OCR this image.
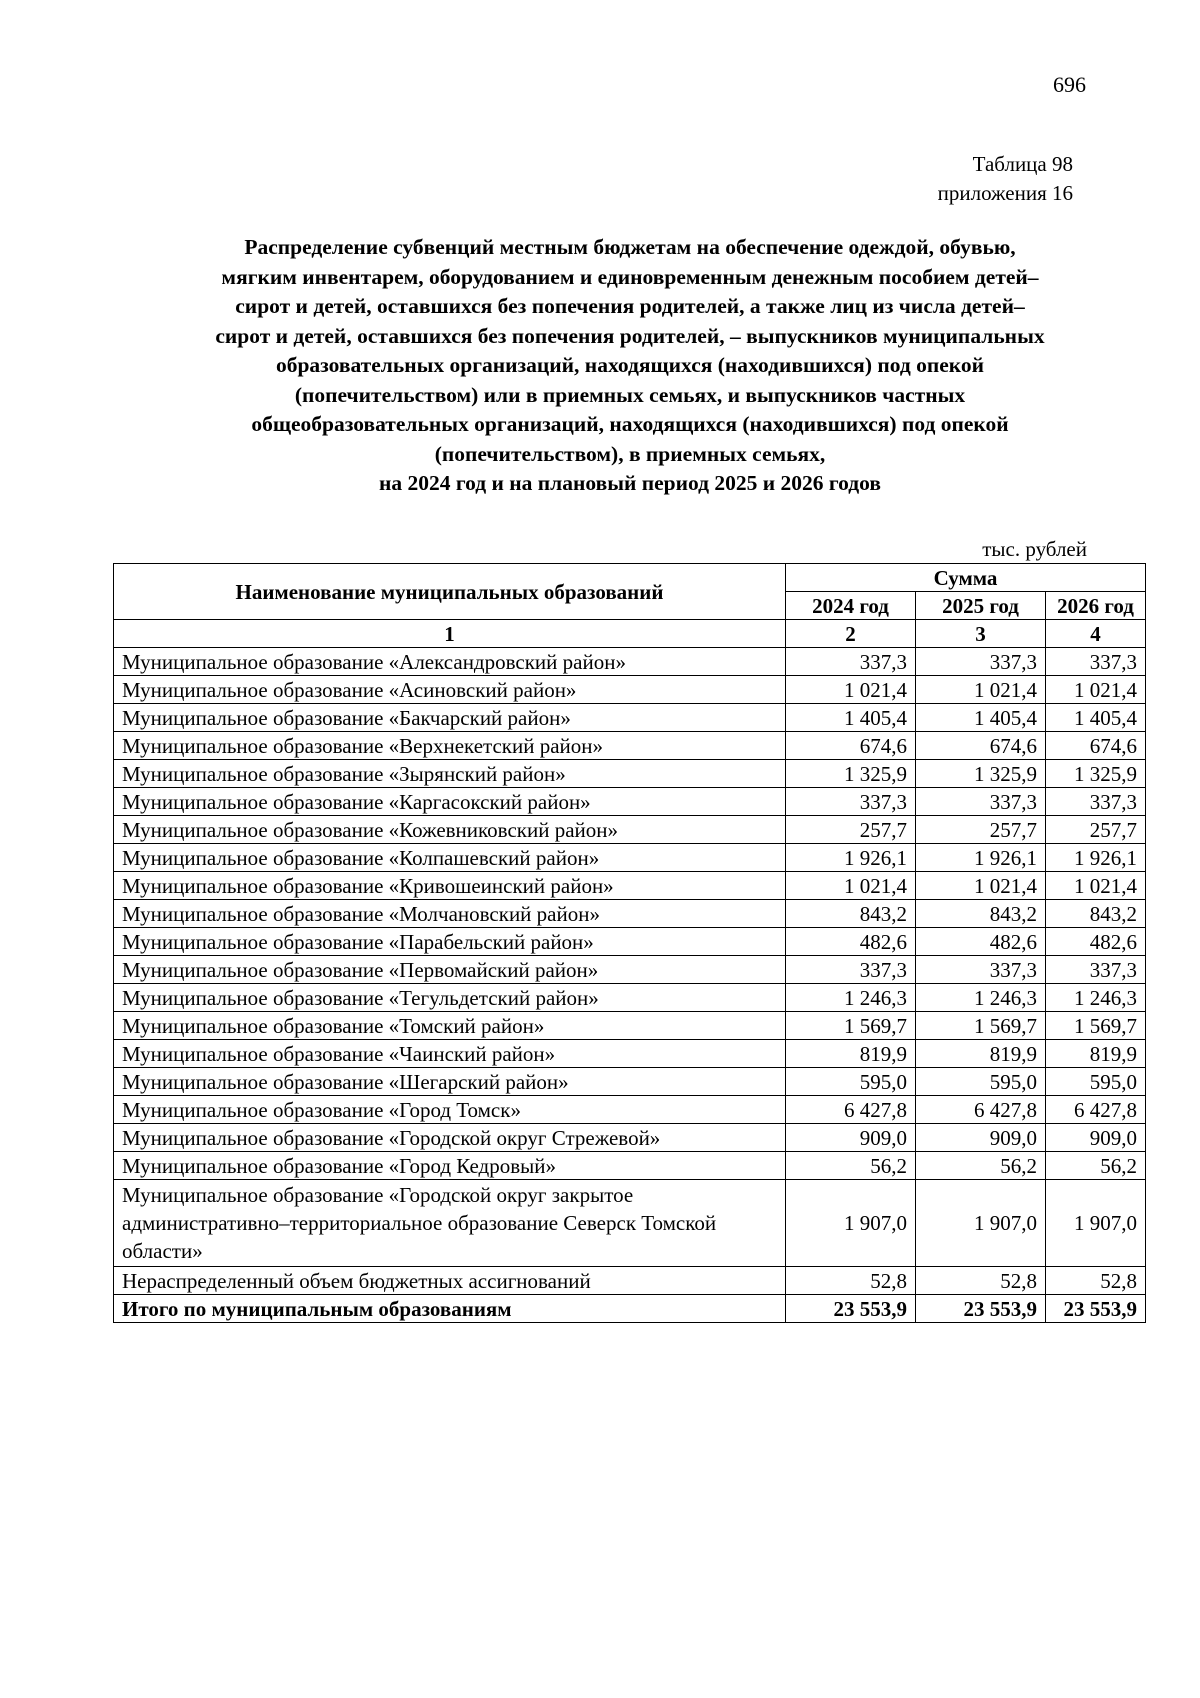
696
Таблица 98
приложения 16
Распределение субвенций местным бюджетам на обеспечение одеждой, обувью,
мягким инвентарем, оборудованием и единовременным денежным пособием детей–
сирот и детей, оставшихся без попечения родителей, а также лиц из числа детей–
сирот и детей, оставшихся без попечения родителей, – выпускников муниципальных
образовательных организаций, находящихся (находившихся) под опекой
(попечительством) или в приемных семьях, и выпускников частных
общеобразовательных организаций, находящихся (находившихся) под опекой
(попечительством), в приемных семьях,
на 2024 год и на плановый период 2025 и 2026 годов
тыс. рублей
Наименование муниципальных образований	Сумма		
	2024 год	2025 год	2026 год
1	2	3	4
Муниципальное образование «Александровский район»	337,3	337,3	337,3
Муниципальное образование «Асиновский район»	1 021,4	1 021,4	1 021,4
Муниципальное образование «Бакчарский район»	1 405,4	1 405,4	1 405,4
Муниципальное образование «Верхнекетский район»	674,6	674,6	674,6
Муниципальное образование «Зырянский район»	1 325,9	1 325,9	1 325,9
Муниципальное образование «Каргасокский район»	337,3	337,3	337,3
Муниципальное образование «Кожевниковский район»	257,7	257,7	257,7
Муниципальное образование «Колпашевский район»	1 926,1	1 926,1	1 926,1
Муниципальное образование «Кривошеинский район»	1 021,4	1 021,4	1 021,4
Муниципальное образование «Молчановский район»	843,2	843,2	843,2
Муниципальное образование «Парабельский район»	482,6	482,6	482,6
Муниципальное образование «Первомайский район»	337,3	337,3	337,3
Муниципальное образование «Тегульдетский район»	1 246,3	1 246,3	1 246,3
Муниципальное образование «Томский район»	1 569,7	1 569,7	1 569,7
Муниципальное образование «Чаинский район»	819,9	819,9	819,9
Муниципальное образование «Шегарский район»	595,0	595,0	595,0
Муниципальное образование «Город Томск»	6 427,8	6 427,8	6 427,8
Муниципальное образование «Городской округ Стрежевой»	909,0	909,0	909,0
Муниципальное образование «Город Кедровый»	56,2	56,2	56,2
Муниципальное образование «Городской округ закрытое административно–территориальное образование Северск Томской области»	1 907,0	1 907,0	1 907,0
Нераспределенный объем бюджетных ассигнований	52,8	52,8	52,8
Итого по муниципальным образованиям	23 553,9	23 553,9	23 553,9
